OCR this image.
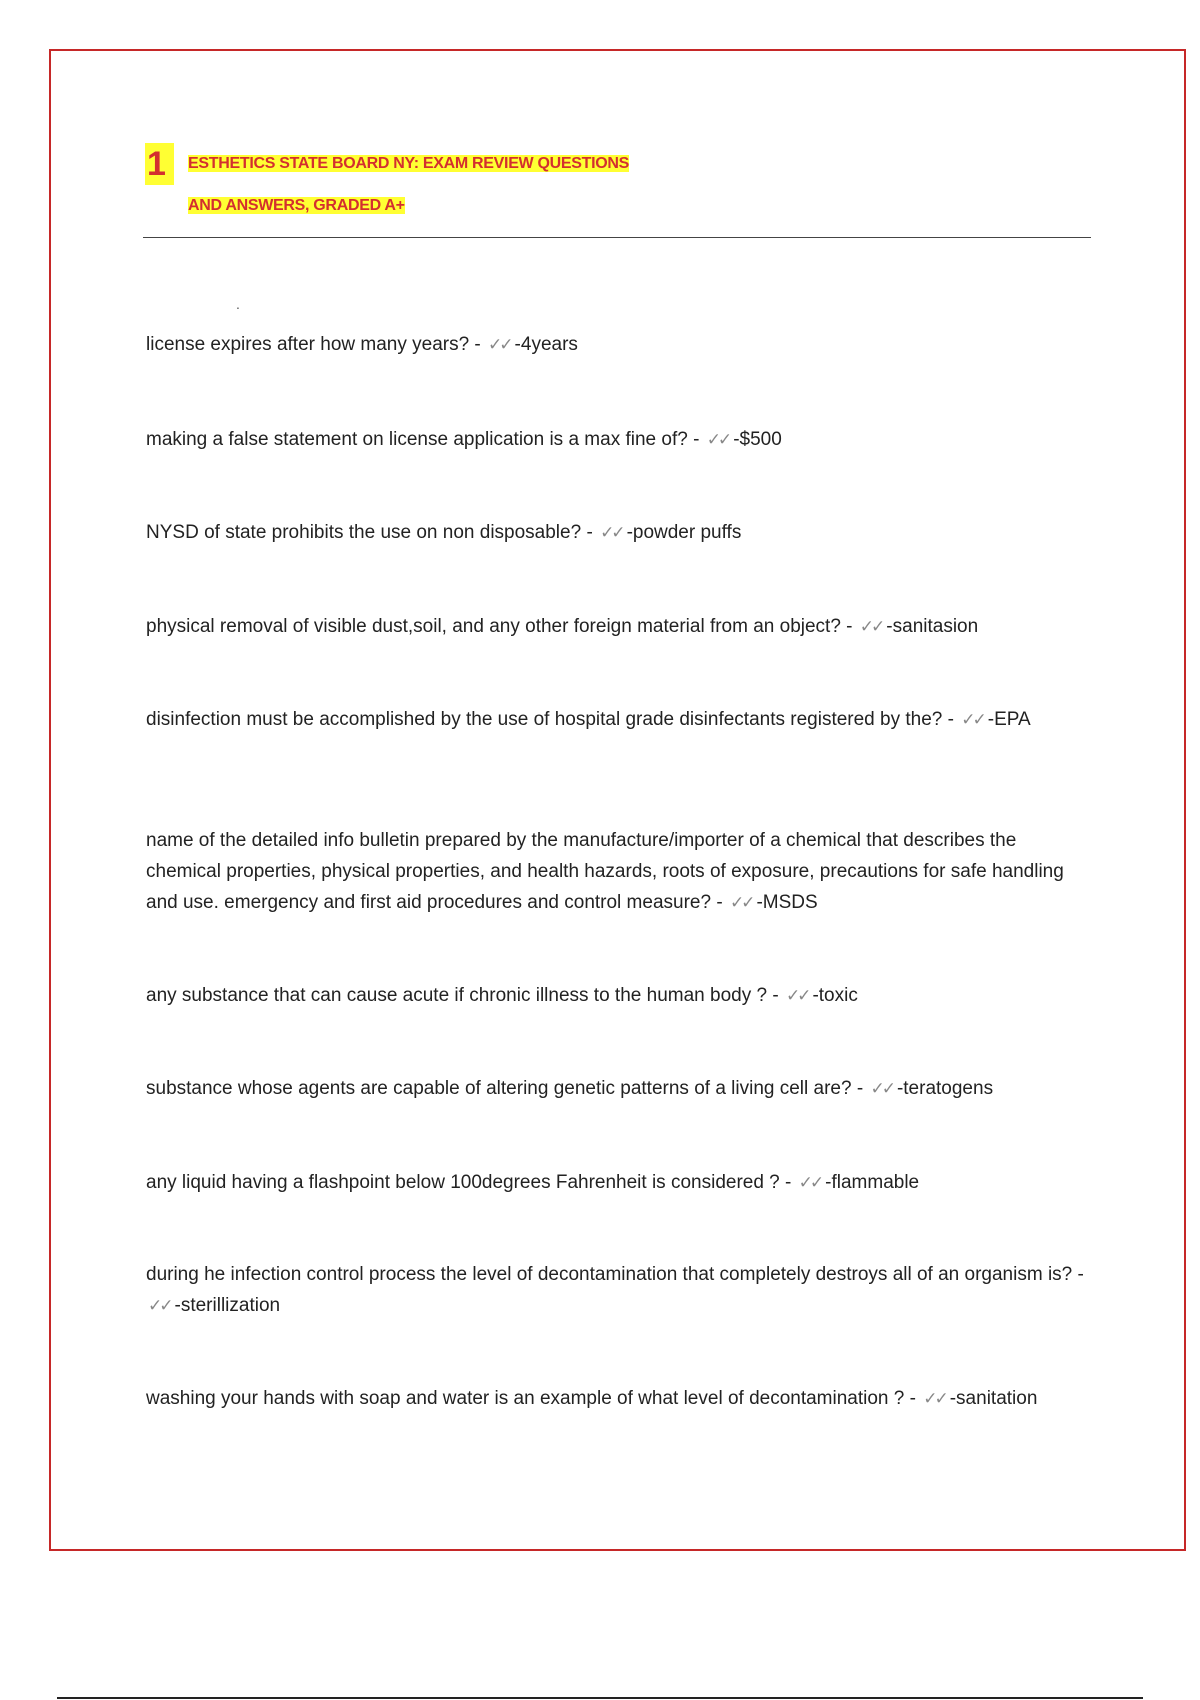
1	ESTHETICS STATE BOARD NY: EXAM REVIEW QUESTIONS
AND ANSWERS, GRADED A+
.
license expires after how many years? - ✓✓ -4years
making a false statement on license application is a max fine of? - ✓✓ -$500
NYSD of state prohibits the use on non disposable? - ✓✓ -powder puffs
physical removal of visible dust,soil, and any other foreign material from an object? - ✓✓ -sanitasion
disinfection must be accomplished by the use of hospital grade disinfectants registered by the? - ✓✓ -EPA
name of the detailed info bulletin prepared by the manufacture/importer of a chemical that describes the chemical properties, physical properties, and health hazards, roots of exposure, precautions for safe handling and use. emergency and first aid procedures and control measure? - ✓✓ -MSDS
any substance that can cause acute if chronic illness to the human body ? - ✓✓ -toxic
substance whose agents are capable of altering genetic patterns of a living cell are? - ✓✓ -teratogens
any liquid having a flashpoint below 100degrees Fahrenheit is considered ? - ✓✓ -flammable
during he infection control process the level of decontamination that completely destroys all of an organism is? - ✓✓ -sterillization
washing your hands with soap and water is an example of what level of decontamination ? - ✓✓ -sanitation
